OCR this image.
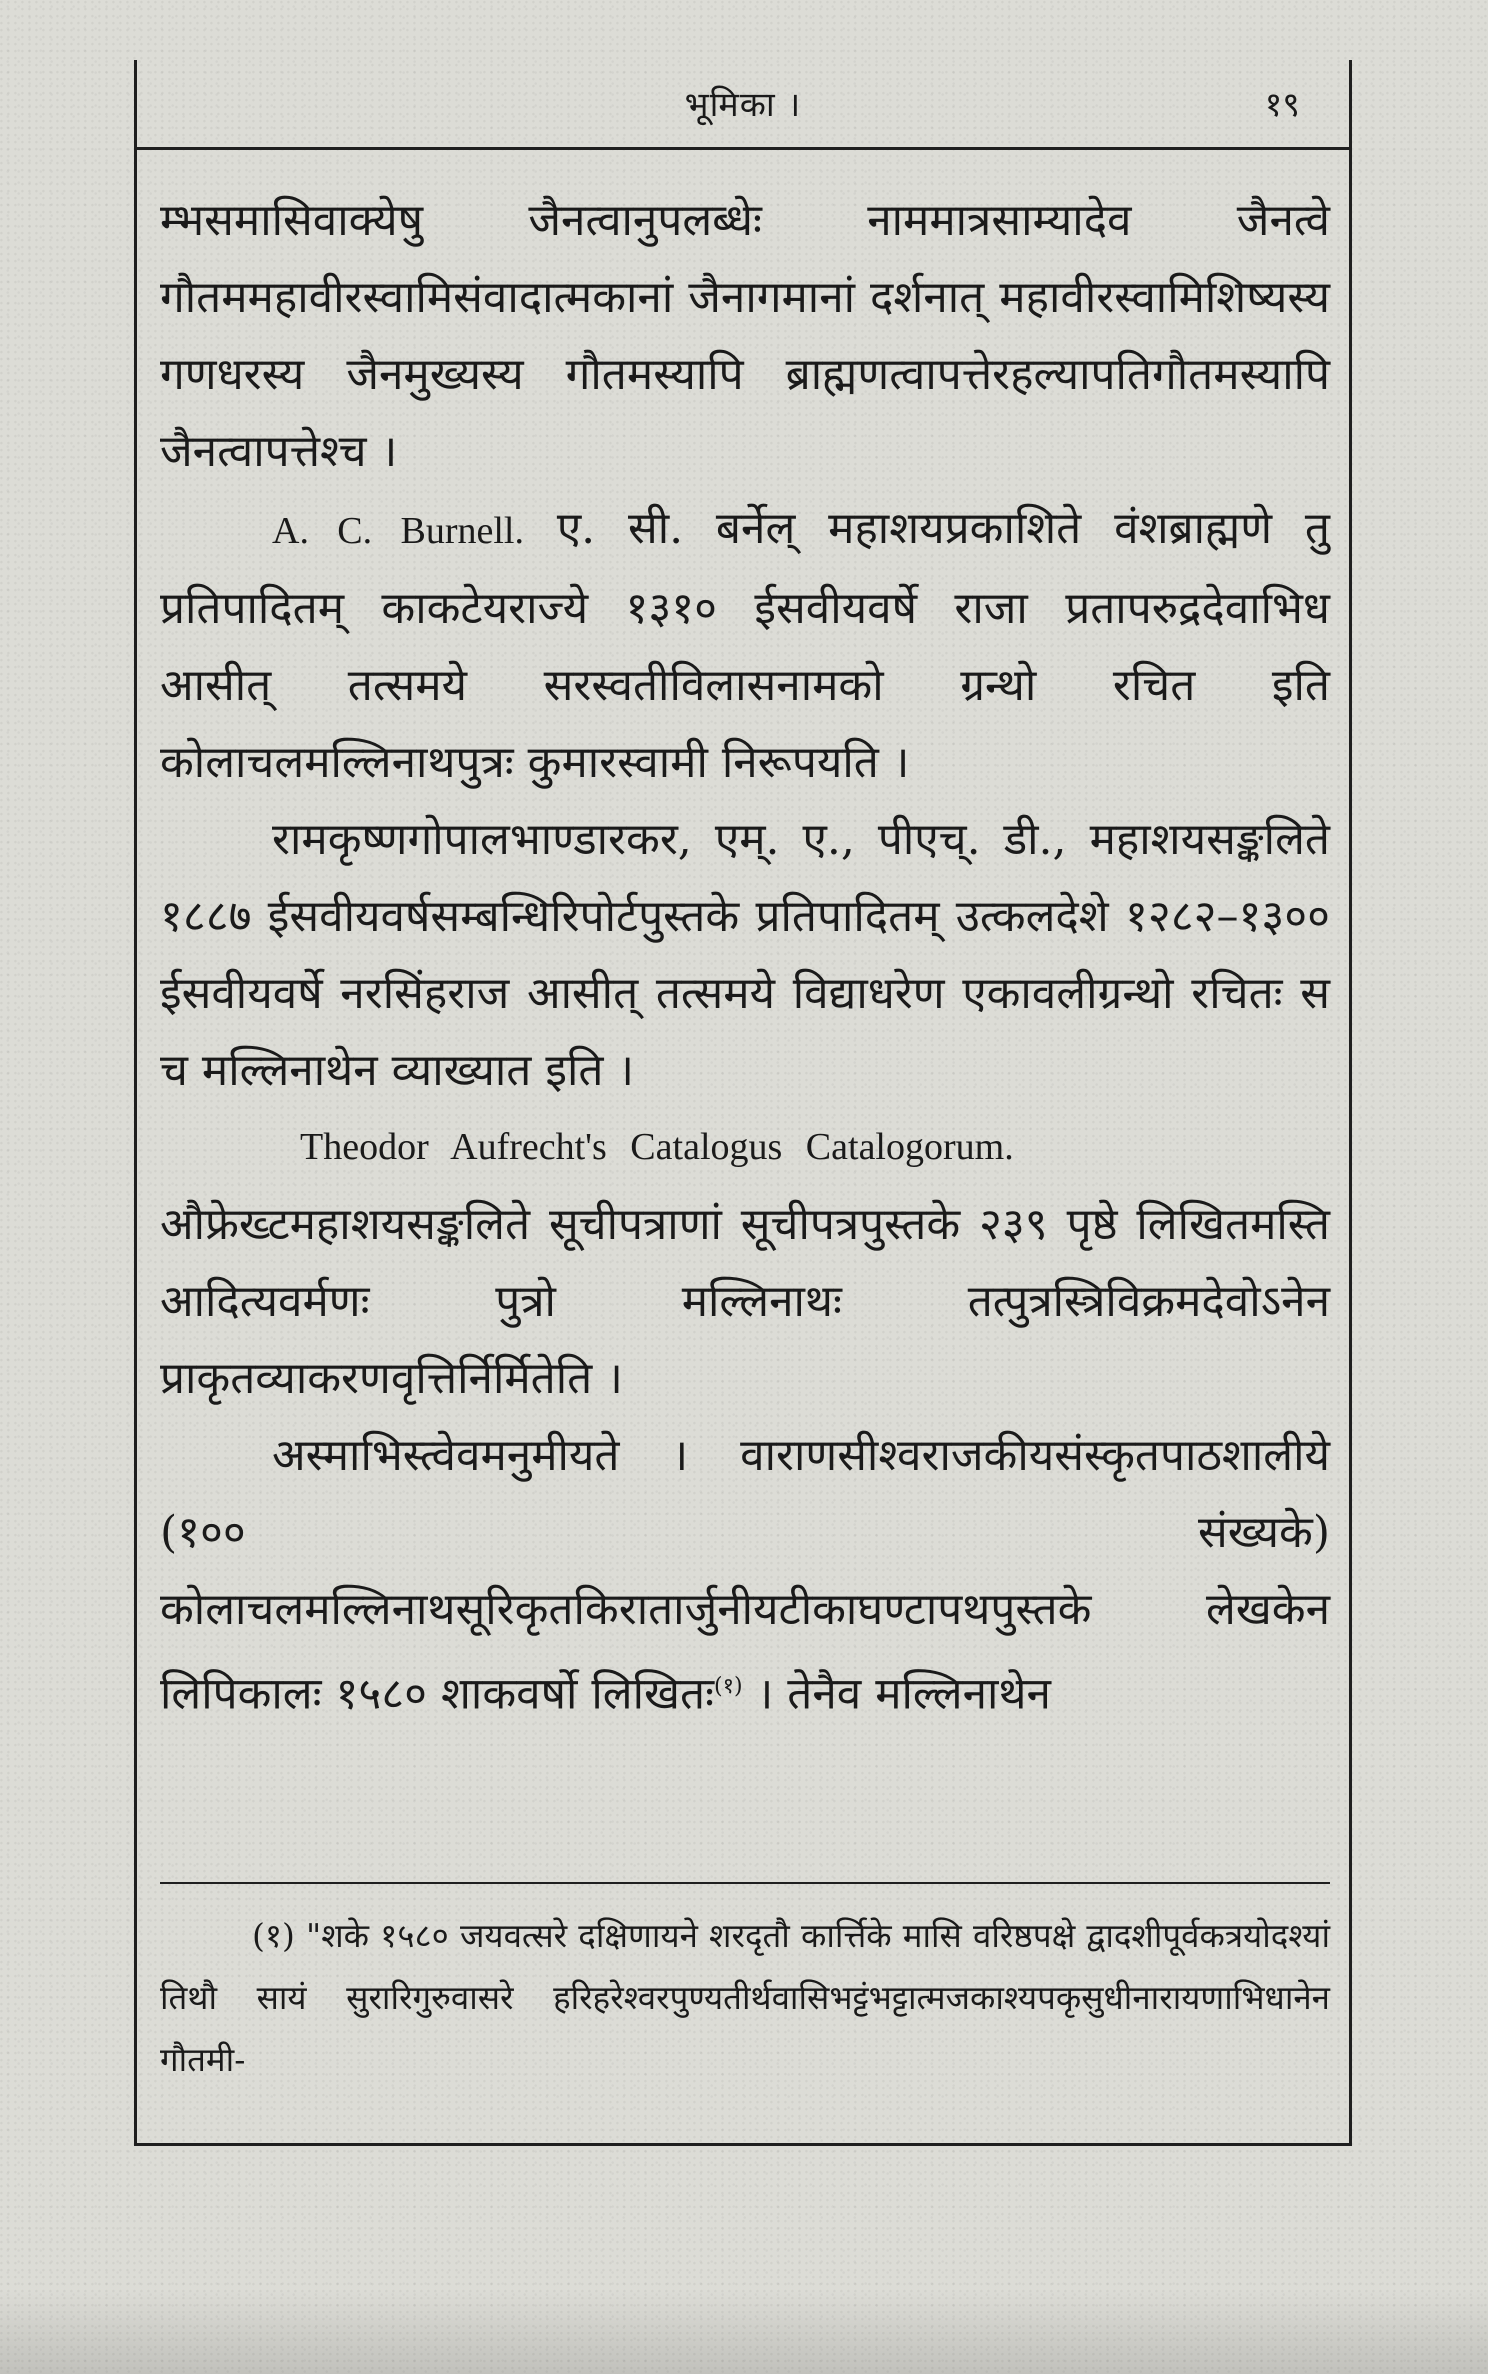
भूमिका ।	१९

म्भसमासिवाक्येषु जैनत्वानुपलब्धेः नाममात्रसाम्यादेव जैनत्वे गौतममहावीरस्वामिसंवादात्मकानां जैनागमानां दर्शनात् महावीरस्वामिशिष्यस्य गणधरस्य जैनमुख्यस्य गौतमस्यापि ब्राह्मणत्वापत्तेरहल्यापतिगौतमस्यापि जैनत्वापत्तेश्च ।

A. C. Burnell. ए. सी. बर्नेल् महाशयप्रकाशिते वंशब्राह्मणे तु प्रतिपादितम् काकटेयराज्ये १३१० ईसवीयवर्षे राजा प्रतापरुद्रदेवाभिध आसीत् तत्समये सरस्वतीविलासनामको ग्रन्थो रचित इति कोलाचलमल्लिनाथपुत्रः कुमारस्वामी निरूपयति ।

रामकृष्णगोपालभाण्डारकर, एम्. ए., पीएच्. डी., महाशयसङ्कलिते १८८७ ईसवीयवर्षसम्बन्धिरिपोर्टपुस्तके प्रतिपादितम् उत्कलदेशे १२८२–१३०० ईसवीयवर्षे नरसिंहराज आसीत् तत्समये विद्याधरेण एकावलीग्रन्थो रचितः स च मल्लिनाथेन व्याख्यात इति ।

Theodor Aufrecht's Catalogus Catalogorum.

औफ्रेख्टमहाशयसङ्कलिते सूचीपत्राणां सूचीपत्रपुस्तके २३९ पृष्ठे लिखितमस्ति आदित्यवर्मणः पुत्रो मल्लिनाथः तत्पुत्रस्त्रिविक्रमदेवोऽनेन प्राकृतव्याकरणवृत्तिर्निर्मितेति ।

अस्माभिस्त्वेवमनुमीयते । वाराणसीश्वराजकीयसंस्कृतपाठशालीये (१०० संख्यके) कोलाचलमल्लिनाथसूरिकृतकिरातार्जुनीयटीकाघण्टापथपुस्तके लेखकेन लिपिकालः १५८० शाकवर्षो लिखितः$^{(१)}$ । तेनैव मल्लिनाथेन

(१) "शके १५८० जयवत्सरे दक्षिणायने शरदृतौ कार्त्तिके मासि वरिष्ठपक्षे द्वादशीपूर्वकत्रयोदश्यां तिथौ सायं सुरारिगुरुवासरे हरिहरेश्वरपुण्यतीर्थवासिभट्टंभट्टात्मजकाश्यपकृसुधीनारायणाभिधानेन गौतमी-
